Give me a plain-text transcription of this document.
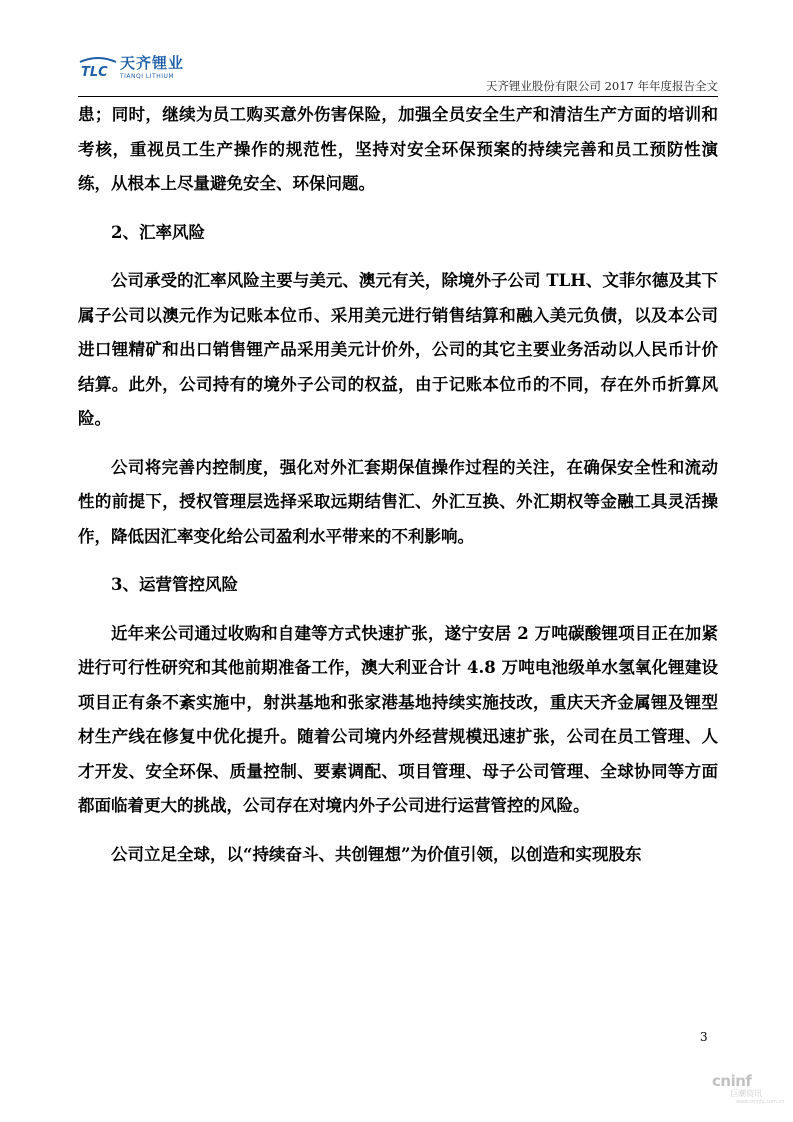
TLC
天齐锂业
TIANQI LITHIUM
天齐锂业股份有限公司 2017 年年度报告全文

患；同时，继续为员工购买意外伤害保险，加强全员安全生产和清洁生产方面的培训和考核，重视员工生产操作的规范性，坚持对安全环保预案的持续完善和员工预防性演练，从根本上尽量避免安全、环保问题。

2、汇率风险

公司承受的汇率风险主要与美元、澳元有关，除境外子公司 TLH、文菲尔德及其下属子公司以澳元作为记账本位币、采用美元进行销售结算和融入美元负债，以及本公司进口锂精矿和出口销售锂产品采用美元计价外，公司的其它主要业务活动以人民币计价结算。此外，公司持有的境外子公司的权益，由于记账本位币的不同，存在外币折算风险。

公司将完善内控制度，强化对外汇套期保值操作过程的关注，在确保安全性和流动性的前提下，授权管理层选择采取远期结售汇、外汇互换、外汇期权等金融工具灵活操作，降低因汇率变化给公司盈利水平带来的不利影响。

3、运营管控风险

近年来公司通过收购和自建等方式快速扩张，遂宁安居 2 万吨碳酸锂项目正在加紧进行可行性研究和其他前期准备工作，澳大利亚合计 4.8 万吨电池级单水氢氧化锂建设项目正有条不紊实施中，射洪基地和张家港基地持续实施技改，重庆天齐金属锂及锂型材生产线在修复中优化提升。随着公司境内外经营规模迅速扩张，公司在员工管理、人才开发、安全环保、质量控制、要素调配、项目管理、母子公司管理、全球协同等方面都面临着更大的挑战，公司存在对境内外子公司进行运营管控的风险。

公司立足全球，以“持续奋斗、共创锂想”为价值引领，以创造和实现股东

3
cninf
巨潮资讯
www.cninfo.com.cn
